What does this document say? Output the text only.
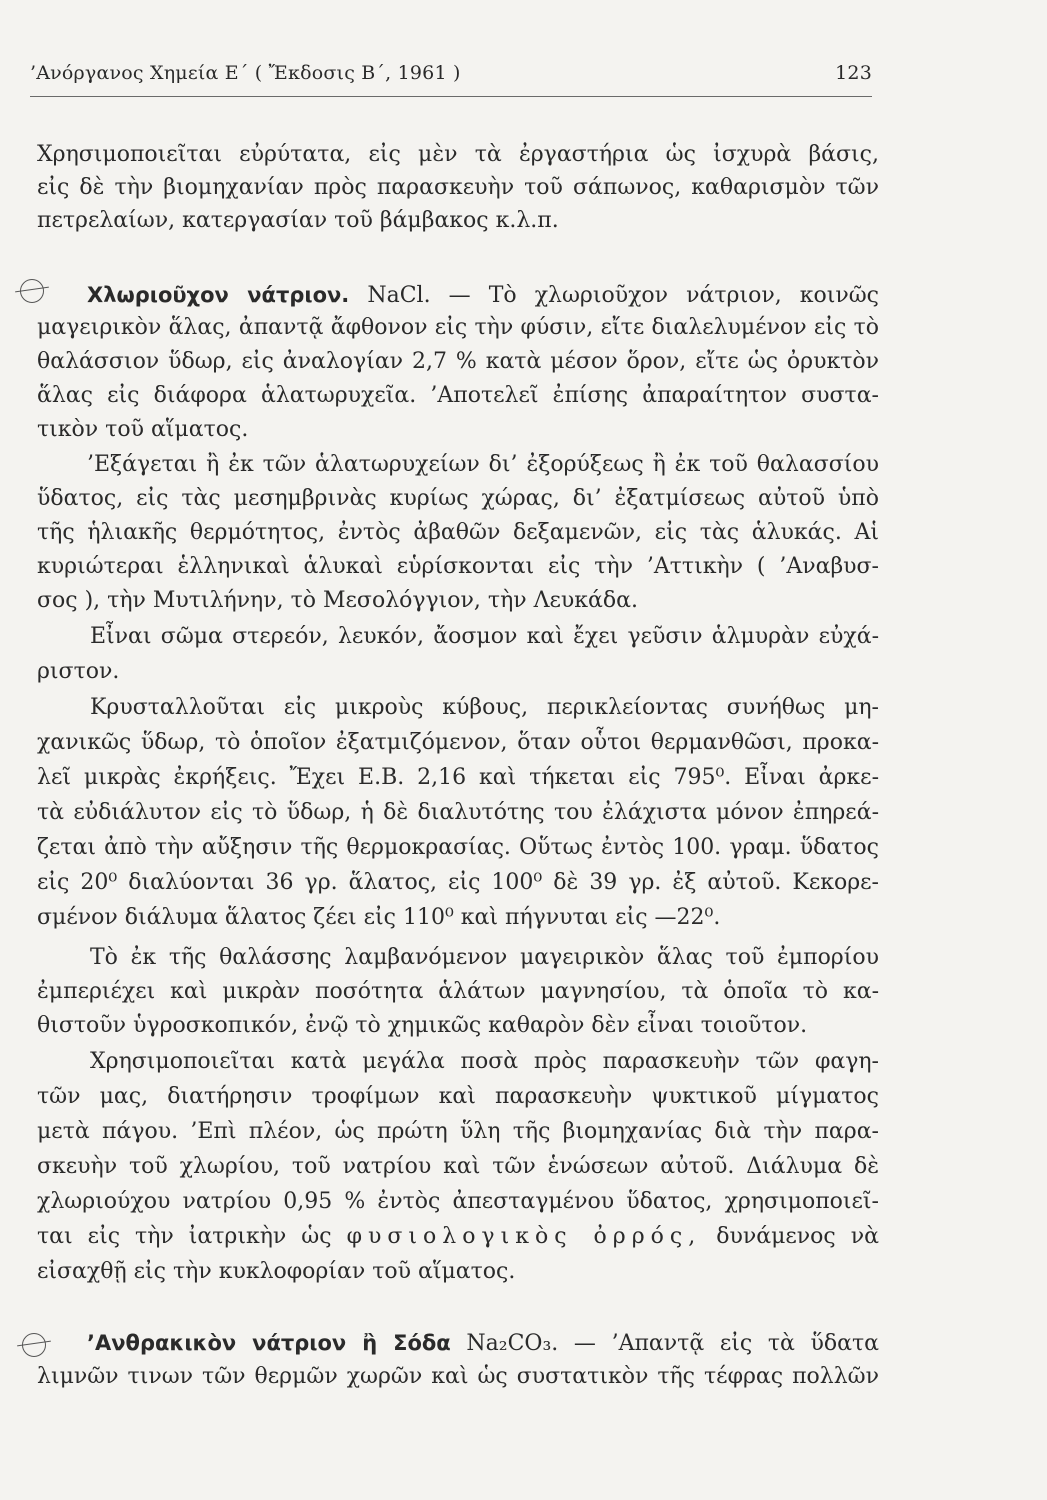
’Ανόργανος Χημεία Ε΄ ( Ἔκδοσις Β΄, 1961 )	123
Χρησιμοποιεῖται εὐρύτατα, εἰς μὲν τὰ ἐργαστήρια ὡς ἰσχυρὰ βάσις,
εἰς δὲ τὴν βιομηχανίαν πρὸς παρασκευὴν τοῦ σάπωνος, καθαρισμὸν τῶν
πετρελαίων, κατεργασίαν τοῦ βάμβακος κ.λ.π.
Χλωριοῦχον νάτριον. NaCl. — Τὸ χλωριοῦχον νάτριον, κοινῶς
μαγειρικὸν ἅλας, ἀπαντᾷ ἄφθονον εἰς τὴν φύσιν, εἴτε διαλελυμένον εἰς τὸ
θαλάσσιον ὕδωρ, εἰς ἀναλογίαν 2,7 % κατὰ μέσον ὅρον, εἴτε ὡς ὀρυκτὸν
ἅλας εἰς διάφορα ἁλατωρυχεῖα. ’Αποτελεῖ ἐπίσης ἀπαραίτητον συστα-
τικὸν τοῦ αἵματος.
’Εξάγεται ἢ ἐκ τῶν ἁλατωρυχείων δι’ ἐξορύξεως ἢ ἐκ τοῦ θαλασσίου
ὕδατος, εἰς τὰς μεσημβρινὰς κυρίως χώρας, δι’ ἐξατμίσεως αὐτοῦ ὑπὸ
τῆς ἡλιακῆς θερμότητος, ἐντὸς ἀβαθῶν δεξαμενῶν, εἰς τὰς ἁλυκάς. Αἱ
κυριώτεραι ἑλληνικαὶ ἁλυκαὶ εὑρίσκονται εἰς τὴν ’Αττικὴν ( ’Αναβυσ-
σος ), τὴν Μυτιλήνην, τὸ Μεσολόγγιον, τὴν Λευκάδα.
Εἶναι σῶμα στερεόν, λευκόν, ἄοσμον καὶ ἔχει γεῦσιν ἁλμυρὰν εὐχά-
ριστον.
Κρυσταλλοῦται εἰς μικροὺς κύβους, περικλείοντας συνήθως μη-
χανικῶς ὕδωρ, τὸ ὁποῖον ἐξατμιζόμενον, ὅταν οὗτοι θερμανθῶσι, προκα-
λεῖ μικρὰς ἐκρήξεις. Ἔχει Ε.Β. 2,16 καὶ τήκεται εἰς 795⁰. Εἶναι ἀρκε-
τὰ εὐδιάλυτον εἰς τὸ ὕδωρ, ἡ δὲ διαλυτότης του ἐλάχιστα μόνον ἐπηρεά-
ζεται ἀπὸ τὴν αὔξησιν τῆς θερμοκρασίας. Οὕτως ἐντὸς 100. γραμ. ὕδατος
εἰς 20⁰ διαλύονται 36 γρ. ἅλατος, εἰς 100⁰ δὲ 39 γρ. ἐξ αὐτοῦ. Κεκορε-
σμένον διάλυμα ἅλατος ζέει εἰς 110⁰ καὶ πήγνυται εἰς —22⁰.
Τὸ ἐκ τῆς θαλάσσης λαμβανόμενον μαγειρικὸν ἅλας τοῦ ἐμπορίου
ἐμπεριέχει καὶ μικρὰν ποσότητα ἁλάτων μαγνησίου, τὰ ὁποῖα τὸ κα-
θιστοῦν ὑγροσκοπικόν, ἐνῷ τὸ χημικῶς καθαρὸν δὲν εἶναι τοιοῦτον.
Χρησιμοποιεῖται κατὰ μεγάλα ποσὰ πρὸς παρασκευὴν τῶν φαγη-
τῶν μας, διατήρησιν τροφίμων καὶ παρασκευὴν ψυκτικοῦ μίγματος
μετὰ πάγου. ’Επὶ πλέον, ὡς πρώτη ὕλη τῆς βιομηχανίας διὰ τὴν παρα-
σκευὴν τοῦ χλωρίου, τοῦ νατρίου καὶ τῶν ἑνώσεων αὐτοῦ. Διάλυμα δὲ
χλωριούχου νατρίου 0,95 % ἐντὸς ἀπεσταγμένου ὕδατος, χρησιμοποιεῖ-
ται εἰς τὴν ἰατρικὴν ὡς φυσιολογικὸς ὀρρός, δυνάμενος νὰ
εἰσαχθῇ εἰς τὴν κυκλοφορίαν τοῦ αἵματος.
’Ανθρακικὸν νάτριον ἢ Σόδα Na₂CO₃. — ’Απαντᾷ εἰς τὰ ὕδατα
λιμνῶν τινων τῶν θερμῶν χωρῶν καὶ ὡς συστατικὸν τῆς τέφρας πολλῶν
